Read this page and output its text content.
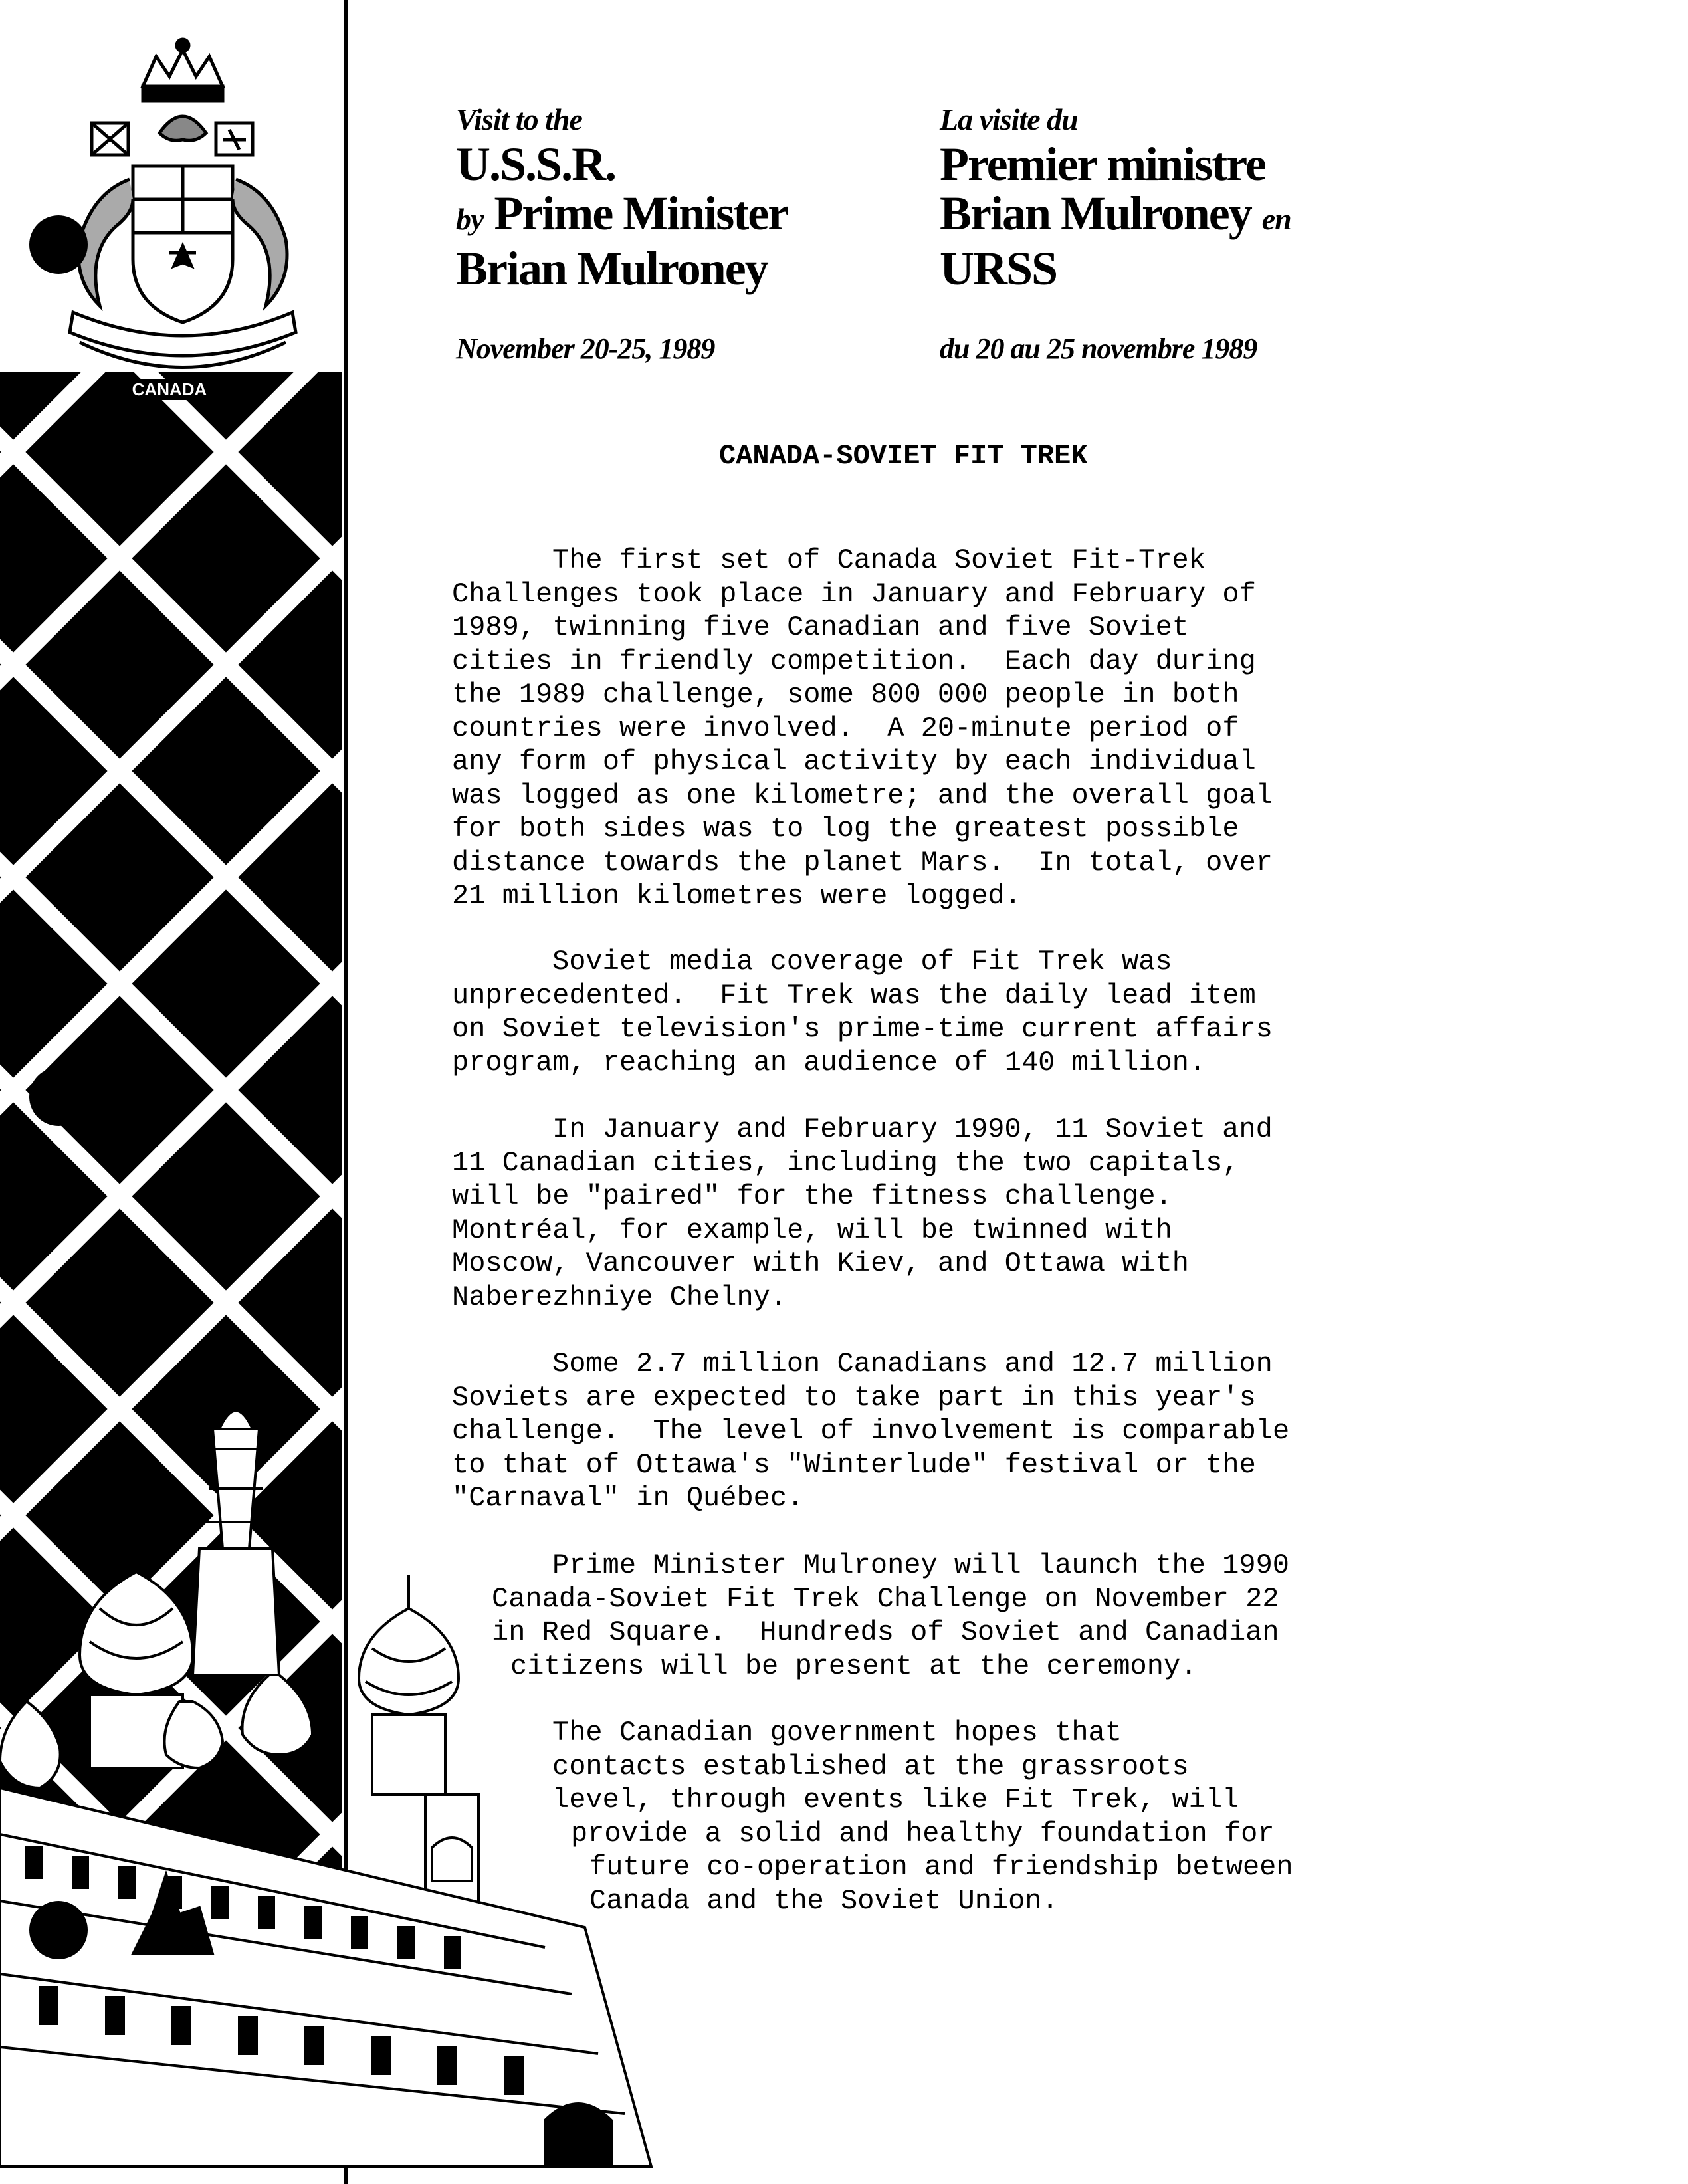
CANADA
Visit to the
U.S.S.R.
by Prime Minister
Brian Mulroney
November 20-25, 1989
La visite du
Premier ministre
Brian Mulroney en
URSS
du 20 au 25 novembre 1989
CANADA-SOVIET FIT TREK

The first set of Canada Soviet Fit-Trek
Challenges took place in January and February of
1989, twinning five Canadian and five Soviet
cities in friendly competition.  Each day during
the 1989 challenge, some 800 000 people in both
countries were involved.  A 20-minute period of
any form of physical activity by each individual
was logged as one kilometre; and the overall goal
for both sides was to log the greatest possible
distance towards the planet Mars.  In total, over
21 million kilometres were logged.

Soviet media coverage of Fit Trek was
unprecedented.  Fit Trek was the daily lead item
on Soviet television's prime-time current affairs
program, reaching an audience of 140 million.

In January and February 1990, 11 Soviet and
11 Canadian cities, including the two capitals,
will be "paired" for the fitness challenge.
Montréal, for example, will be twinned with
Moscow, Vancouver with Kiev, and Ottawa with
Naberezhniye Chelny.

Some 2.7 million Canadians and 12.7 million
Soviets are expected to take part in this year's
challenge.  The level of involvement is comparable
to that of Ottawa's "Winterlude" festival or the
"Carnaval" in Québec.

Prime Minister Mulroney will launch the 1990
Canada-Soviet Fit Trek Challenge on November 22
in Red Square.  Hundreds of Soviet and Canadian
citizens will be present at the ceremony.

The Canadian government hopes that
contacts established at the grassroots
level, through events like Fit Trek, will
provide a solid and healthy foundation for
future co-operation and friendship between
Canada and the Soviet Union.
